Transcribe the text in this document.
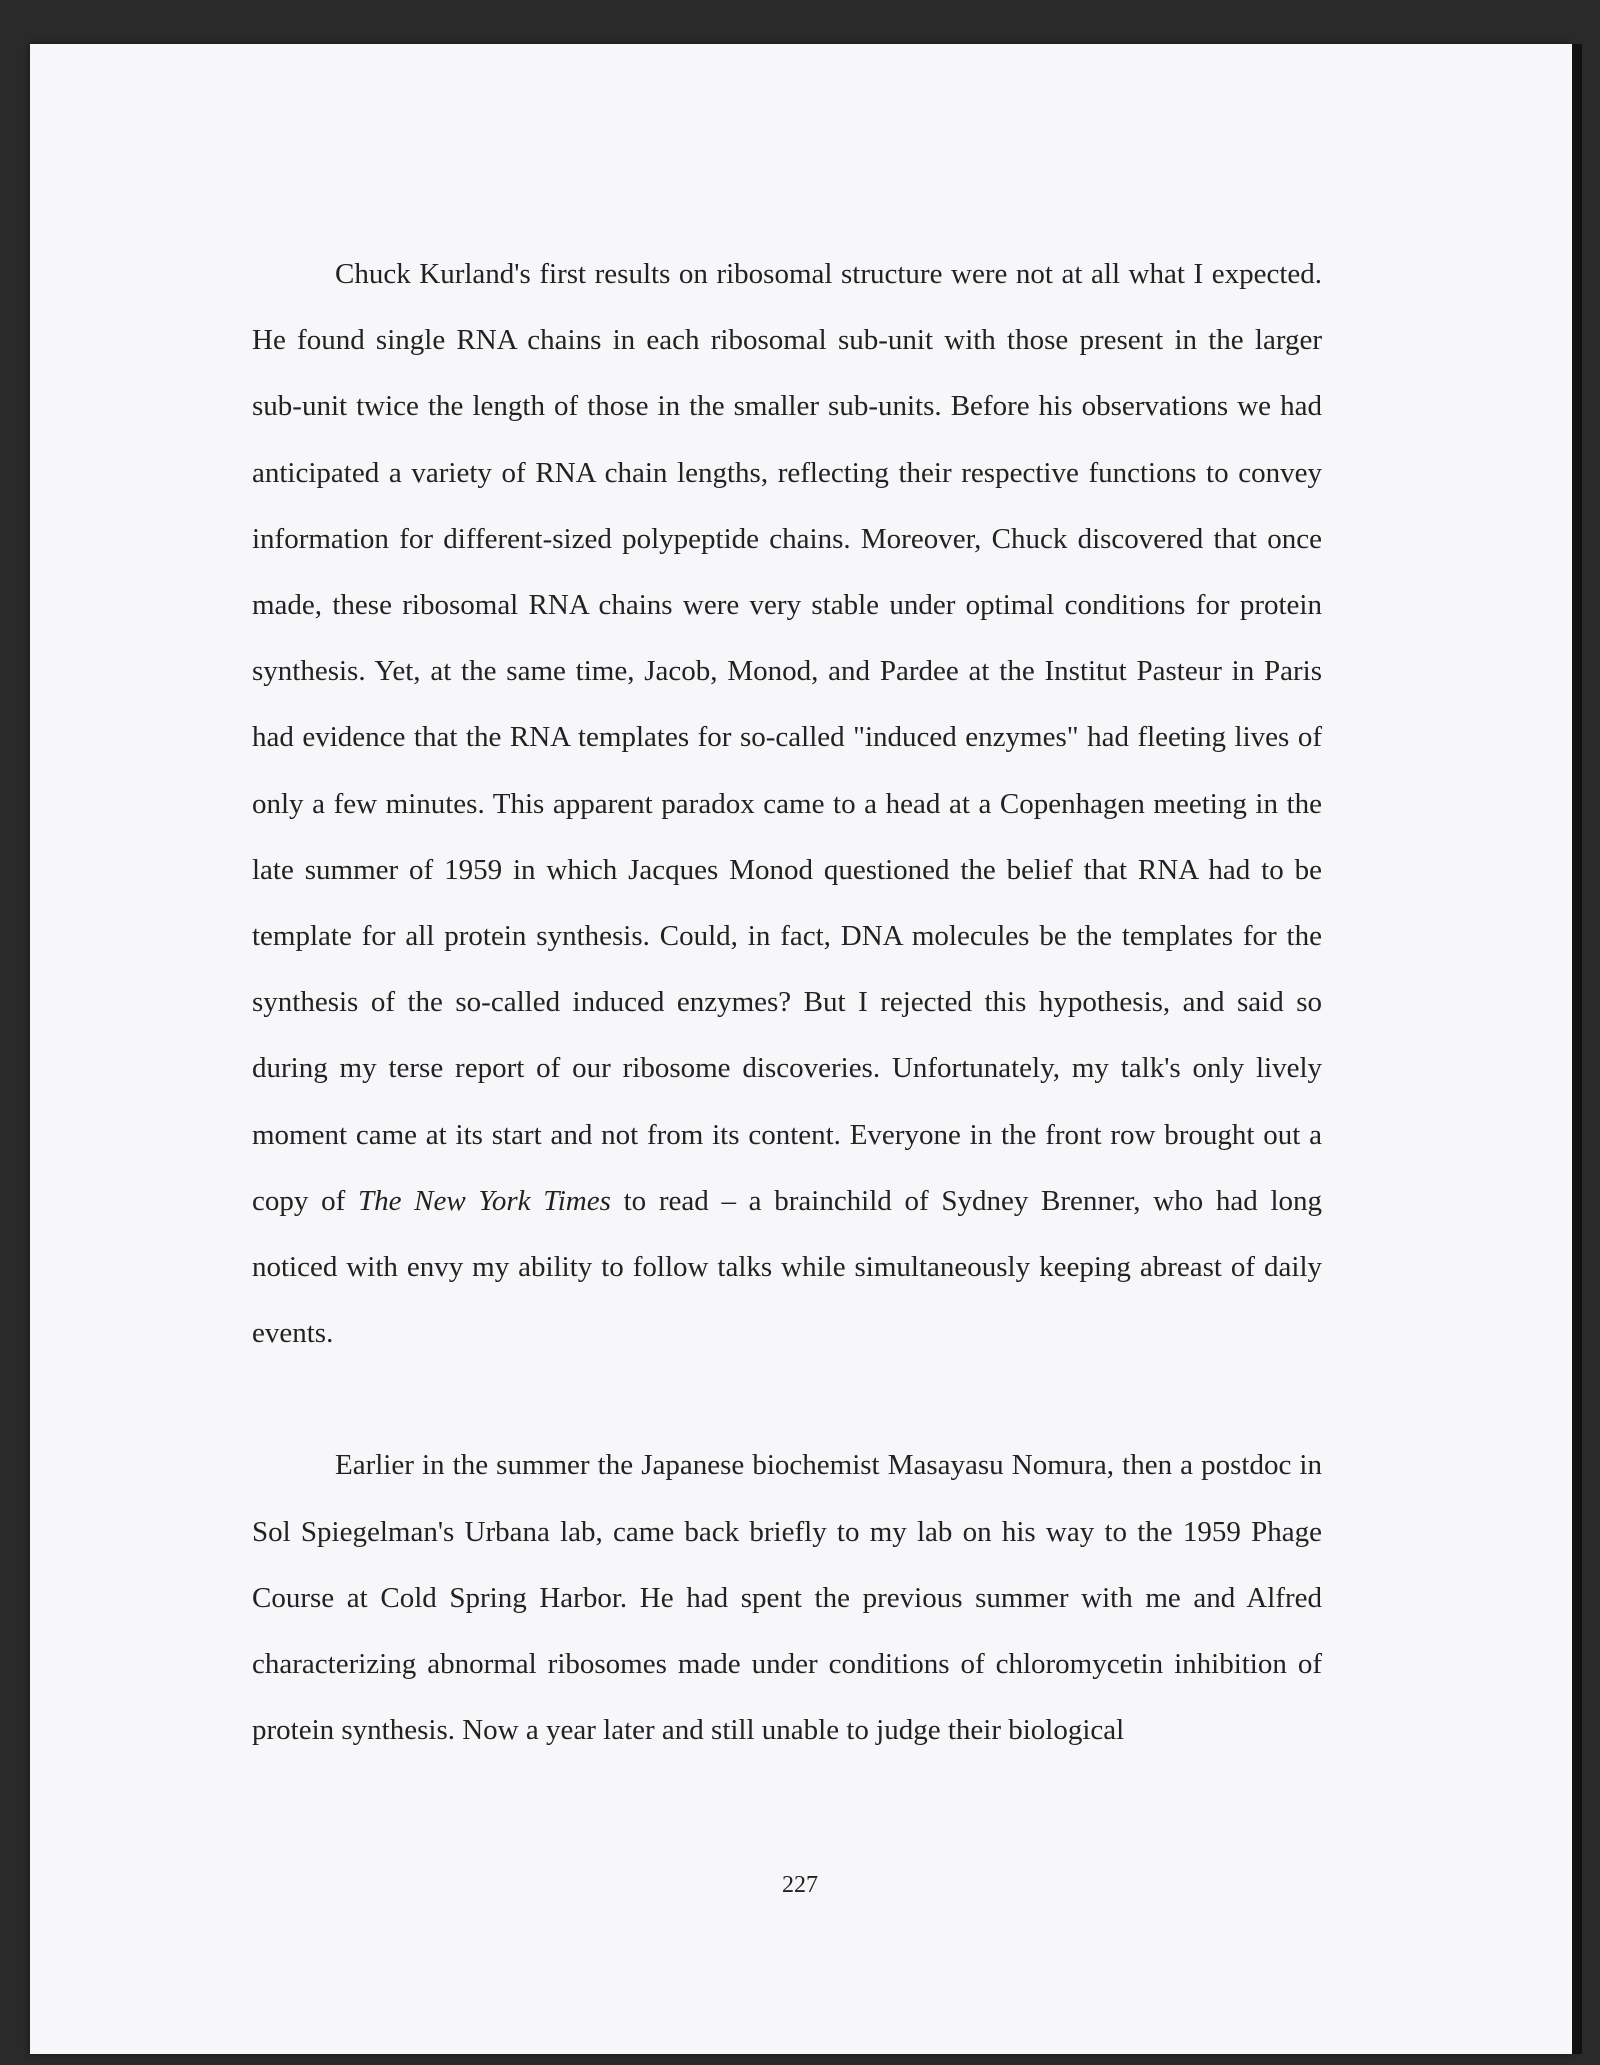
Chuck Kurland's first results on ribosomal structure were not at all what I expected. He found single RNA chains in each ribosomal sub-unit with those present in the larger sub-unit twice the length of those in the smaller sub-units. Before his observations we had anticipated a variety of RNA chain lengths, reflecting their respective functions to convey information for different-sized polypeptide chains. Moreover, Chuck discovered that once made, these ribosomal RNA chains were very stable under optimal conditions for protein synthesis. Yet, at the same time, Jacob, Monod, and Pardee at the Institut Pasteur in Paris had evidence that the RNA templates for so-called "induced enzymes" had fleeting lives of only a few minutes. This apparent paradox came to a head at a Copenhagen meeting in the late summer of 1959 in which Jacques Monod questioned the belief that RNA had to be template for all protein synthesis. Could, in fact, DNA molecules be the templates for the synthesis of the so-called induced enzymes? But I rejected this hypothesis, and said so during my terse report of our ribosome discoveries. Unfortunately, my talk's only lively moment came at its start and not from its content. Everyone in the front row brought out a copy of The New York Times to read – a brainchild of Sydney Brenner, who had long noticed with envy my ability to follow talks while simultaneously keeping abreast of daily events.

Earlier in the summer the Japanese biochemist Masayasu Nomura, then a postdoc in Sol Spiegelman's Urbana lab, came back briefly to my lab on his way to the 1959 Phage Course at Cold Spring Harbor. He had spent the previous summer with me and Alfred characterizing abnormal ribosomes made under conditions of chloromycetin inhibition of protein synthesis. Now a year later and still unable to judge their biological

227
